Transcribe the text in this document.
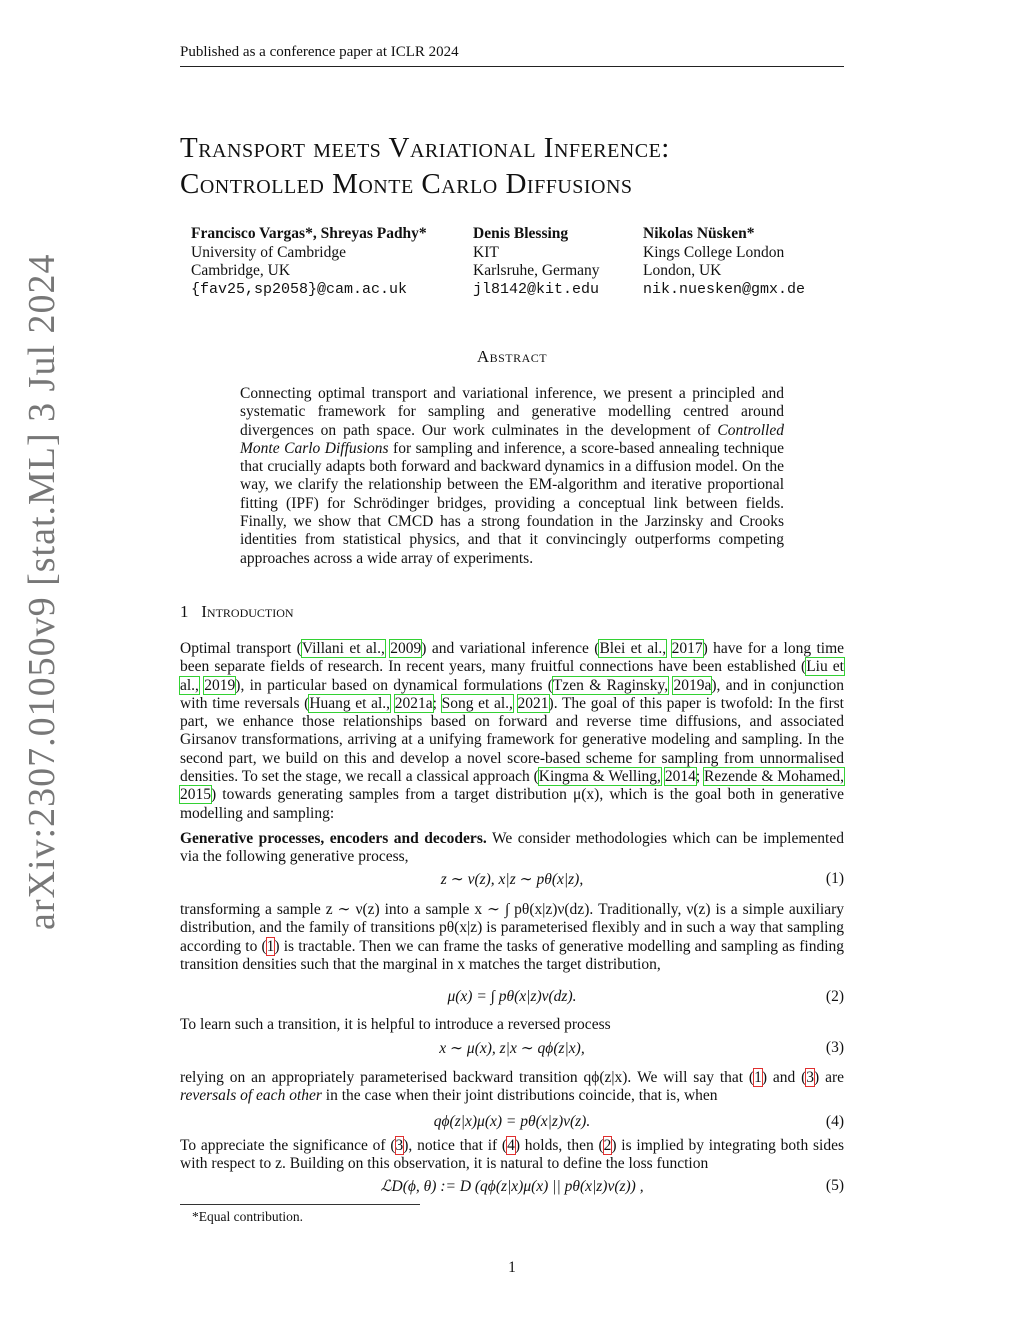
Published as a conference paper at ICLR 2024
arXiv:2307.01050v9 [stat.ML] 3 Jul 2024
Transport meets Variational Inference:
Controlled Monte Carlo Diffusions
Francisco Vargas*, Shreyas Padhy*
University of Cambridge
Cambridge, UK
{fav25,sp2058}@cam.ac.uk
Denis Blessing
KIT
Karlsruhe, Germany
jl8142@kit.edu
Nikolas Nüsken*
Kings College London
London, UK
nik.nuesken@gmx.de
Abstract
Connecting optimal transport and variational inference, we present a principled and systematic framework for sampling and generative modelling centred around divergences on path space. Our work culminates in the development of Controlled Monte Carlo Diffusions for sampling and inference, a score-based annealing technique that crucially adapts both forward and backward dynamics in a diffusion model. On the way, we clarify the relationship between the EM-algorithm and iterative proportional fitting (IPF) for Schrödinger bridges, providing a conceptual link between fields. Finally, we show that CMCD has a strong foundation in the Jarzinsky and Crooks identities from statistical physics, and that it convincingly outperforms competing approaches across a wide array of experiments.
1 Introduction
Optimal transport (Villani et al., 2009) and variational inference (Blei et al., 2017) have for a long time been separate fields of research. In recent years, many fruitful connections have been established (Liu et al., 2019), in particular based on dynamical formulations (Tzen & Raginsky, 2019a), and in conjunction with time reversals (Huang et al., 2021a; Song et al., 2021). The goal of this paper is twofold: In the first part, we enhance those relationships based on forward and reverse time diffusions, and associated Girsanov transformations, arriving at a unifying framework for generative modeling and sampling. In the second part, we build on this and develop a novel score-based scheme for sampling from unnormalised densities. To set the stage, we recall a classical approach (Kingma & Welling, 2014; Rezende & Mohamed, 2015) towards generating samples from a target distribution μ(x), which is the goal both in generative modelling and sampling:
Generative processes, encoders and decoders. We consider methodologies which can be implemented via the following generative process,
z ∼ ν(z), x|z ∼ pθ(x|z),	(1)
transforming a sample z ∼ ν(z) into a sample x ∼ ∫ pθ(x|z)ν(dz). Traditionally, ν(z) is a simple auxiliary distribution, and the family of transitions pθ(x|z) is parameterised flexibly and in such a way that sampling according to (1) is tractable. Then we can frame the tasks of generative modelling and sampling as finding transition densities such that the marginal in x matches the target distribution,
μ(x) = ∫ pθ(x|z)ν(dz).	(2)
To learn such a transition, it is helpful to introduce a reversed process
x ∼ μ(x), z|x ∼ qϕ(z|x),	(3)
relying on an appropriately parameterised backward transition qϕ(z|x). We will say that (1) and (3) are reversals of each other in the case when their joint distributions coincide, that is, when
qϕ(z|x)μ(x) = pθ(x|z)ν(z).	(4)
To appreciate the significance of (3), notice that if (4) holds, then (2) is implied by integrating both sides with respect to z. Building on this observation, it is natural to define the loss function
ℒD(ϕ, θ) := D (qϕ(z|x)μ(x) || pθ(x|z)ν(z)) ,	(5)
*Equal contribution.
1
